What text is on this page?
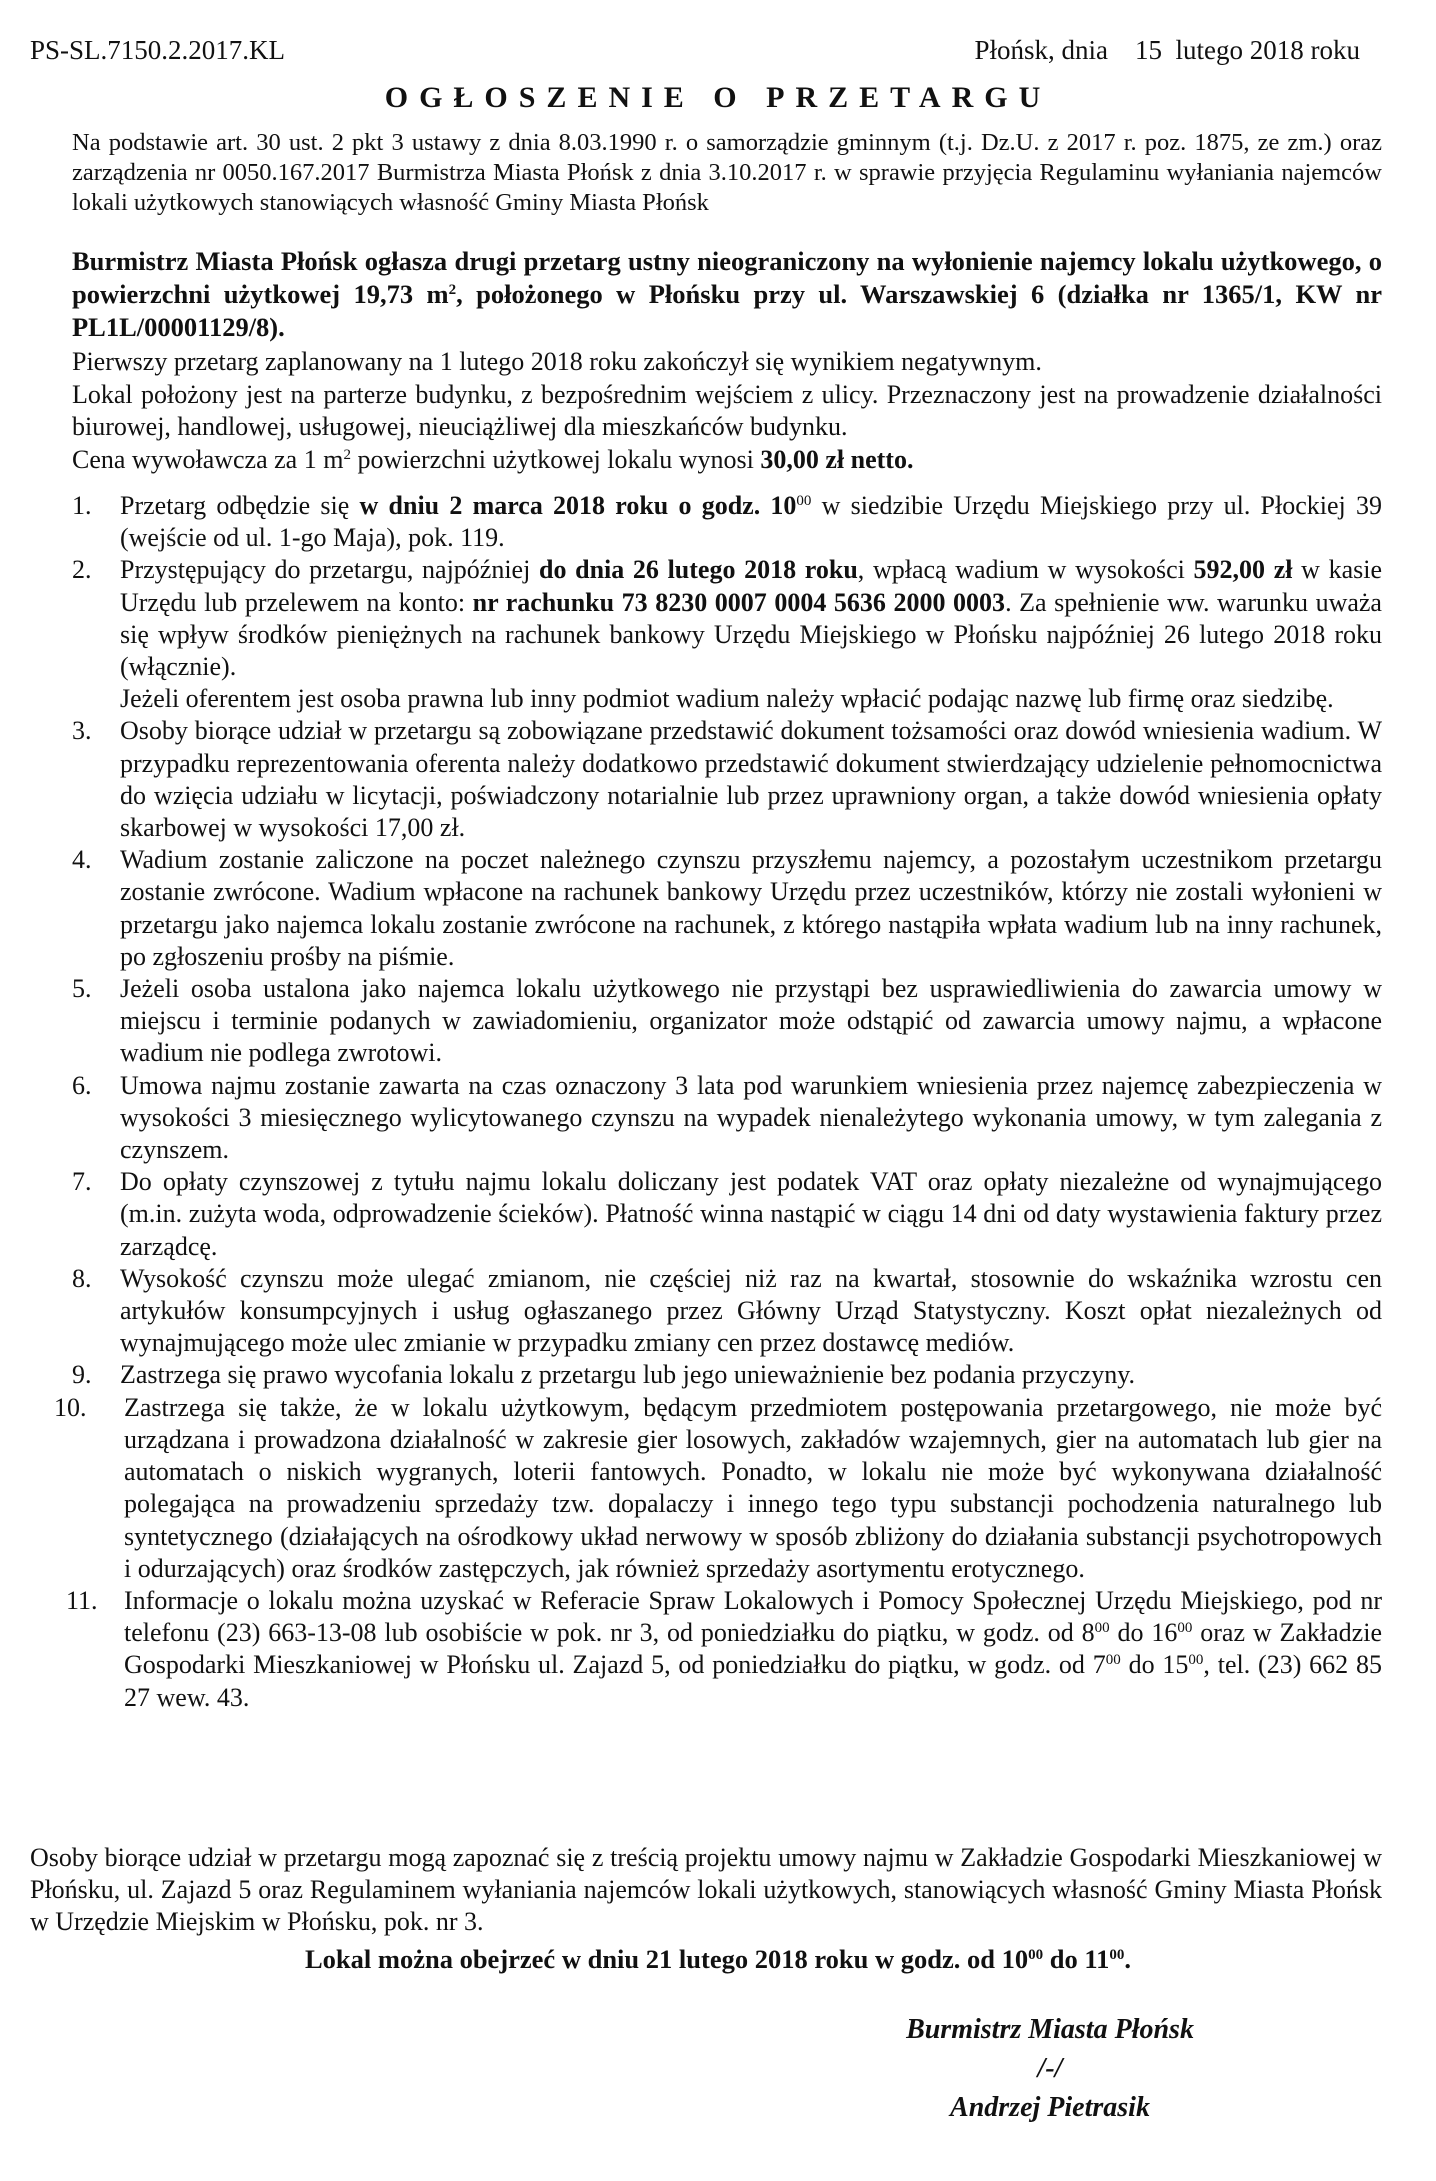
PS-SL.7150.2.2017.KL	Płońsk, dnia    15  lutego 2018 roku
OGŁOSZENIE O PRZETARGU
Na podstawie art. 30 ust. 2 pkt 3 ustawy z dnia 8.03.1990 r. o samorządzie gminnym (t.j. Dz.U. z 2017 r. poz. 1875, ze zm.) oraz zarządzenia nr 0050.167.2017 Burmistrza Miasta Płońsk z dnia 3.10.2017 r. w sprawie przyjęcia Regulaminu wyłaniania najemców lokali użytkowych stanowiących własność Gminy Miasta Płońsk
Burmistrz Miasta Płońsk ogłasza drugi przetarg ustny nieograniczony na wyłonienie najemcy lokalu użytkowego, o powierzchni użytkowej 19,73 $m^2$, położonego w Płońsku przy ul. Warszawskiej 6 (działka nr 1365/1, KW nr PL1L/00001129/8).

Pierwszy przetarg zaplanowany na 1 lutego 2018 roku zakończył się wynikiem negatywnym.

Lokal położony jest na parterze budynku, z bezpośrednim wejściem z ulicy. Przeznaczony jest na prowadzenie działalności biurowej, handlowej, usługowej, nieuciążliwej dla mieszkańców budynku.

Cena wywoławcza za 1 $m^2$ powierzchni użytkowej lokalu wynosi 30,00 zł netto.

1. Przetarg odbędzie się w dniu 2 marca 2018 roku o godz. $10^{00}$ w siedzibie Urzędu Miejskiego przy ul. Płockiej 39 (wejście od ul. 1-go Maja), pok. 119.
2. Przystępujący do przetargu, najpóźniej do dnia 26 lutego 2018 roku, wpłacą wadium w wysokości 592,00 zł w kasie Urzędu lub przelewem na konto: nr rachunku 73 8230 0007 0004 5636 2000 0003. Za spełnienie ww. warunku uważa się wpływ środków pieniężnych na rachunek bankowy Urzędu Miejskiego w Płońsku najpóźniej 26 lutego 2018 roku (włącznie).

Jeżeli oferentem jest osoba prawna lub inny podmiot wadium należy wpłacić podając nazwę lub firmę oraz siedzibę.

3. Osoby biorące udział w przetargu są zobowiązane przedstawić dokument tożsamości oraz dowód wniesienia wadium. W przypadku reprezentowania oferenta należy dodatkowo przedstawić dokument stwierdzający udzielenie pełnomocnictwa do wzięcia udziału w licytacji, poświadczony notarialnie lub przez uprawniony organ, a także dowód wniesienia opłaty skarbowej w wysokości 17,00 zł.
4. Wadium zostanie zaliczone na poczet należnego czynszu przyszłemu najemcy, a pozostałym uczestnikom przetargu zostanie zwrócone. Wadium wpłacone na rachunek bankowy Urzędu przez uczestników, którzy nie zostali wyłonieni w przetargu jako najemca lokalu zostanie zwrócone na rachunek, z którego nastąpiła wpłata wadium lub na inny rachunek, po zgłoszeniu prośby na piśmie.
5. Jeżeli osoba ustalona jako najemca lokalu użytkowego nie przystąpi bez usprawiedliwienia do zawarcia umowy w miejscu i terminie podanych w zawiadomieniu, organizator może odstąpić od zawarcia umowy najmu, a wpłacone wadium nie podlega zwrotowi.
6. Umowa najmu zostanie zawarta na czas oznaczony 3 lata pod warunkiem wniesienia przez najemcę zabezpieczenia w wysokości 3 miesięcznego wylicytowanego czynszu na wypadek nienależytego wykonania umowy, w tym zalegania z czynszem.
7. Do opłaty czynszowej z tytułu najmu lokalu doliczany jest podatek VAT oraz opłaty niezależne od wynajmującego (m.in. zużyta woda, odprowadzenie ścieków). Płatność winna nastąpić w ciągu 14 dni od daty wystawienia faktury przez zarządcę.
8. Wysokość czynszu może ulegać zmianom, nie częściej niż raz na kwartał, stosownie do wskaźnika wzrostu cen artykułów konsumpcyjnych i usług ogłaszanego przez Główny Urząd Statystyczny. Koszt opłat niezależnych od wynajmującego może ulec zmianie w przypadku zmiany cen przez dostawcę mediów.
9. Zastrzega się prawo wycofania lokalu z przetargu lub jego unieważnienie bez podania przyczyny.
10. Zastrzega się także, że w lokalu użytkowym, będącym przedmiotem postępowania przetargowego, nie może być urządzana i prowadzona działalność w zakresie gier losowych, zakładów wzajemnych, gier na automatach lub gier na automatach o niskich wygranych, loterii fantowych. Ponadto, w lokalu nie może być wykonywana działalność polegająca na prowadzeniu sprzedaży tzw. dopalaczy i innego tego typu substancji pochodzenia naturalnego lub syntetycznego (działających na ośrodkowy układ nerwowy w sposób zbliżony do działania substancji psychotropowych i odurzających) oraz środków zastępczych, jak również sprzedaży asortymentu erotycznego.
11. Informacje o lokalu można uzyskać w Referacie Spraw Lokalowych i Pomocy Społecznej Urzędu Miejskiego, pod nr telefonu (23) 663-13-08 lub osobiście w pok. nr 3, od poniedziałku do piątku, w godz. od $8^{00}$ do $16^{00}$ oraz w Zakładzie Gospodarki Mieszkaniowej w Płońsku ul. Zajazd 5, od poniedziałku do piątku, w godz. od $7^{00}$ do $15^{00}$, tel. (23) 662 85 27 wew. 43.
Osoby biorące udział w przetargu mogą zapoznać się z treścią projektu umowy najmu w Zakładzie Gospodarki Mieszkaniowej w Płońsku, ul. Zajazd 5 oraz Regulaminem wyłaniania najemców lokali użytkowych, stanowiących własność Gminy Miasta Płońsk w Urzędzie Miejskim w Płońsku, pok. nr 3.
Lokal można obejrzeć w dniu 21 lutego 2018 roku w godz. od $10^{00}$ do $11^{00}$.
Burmistrz Miasta Płońsk
/-/
Andrzej Pietrasik
